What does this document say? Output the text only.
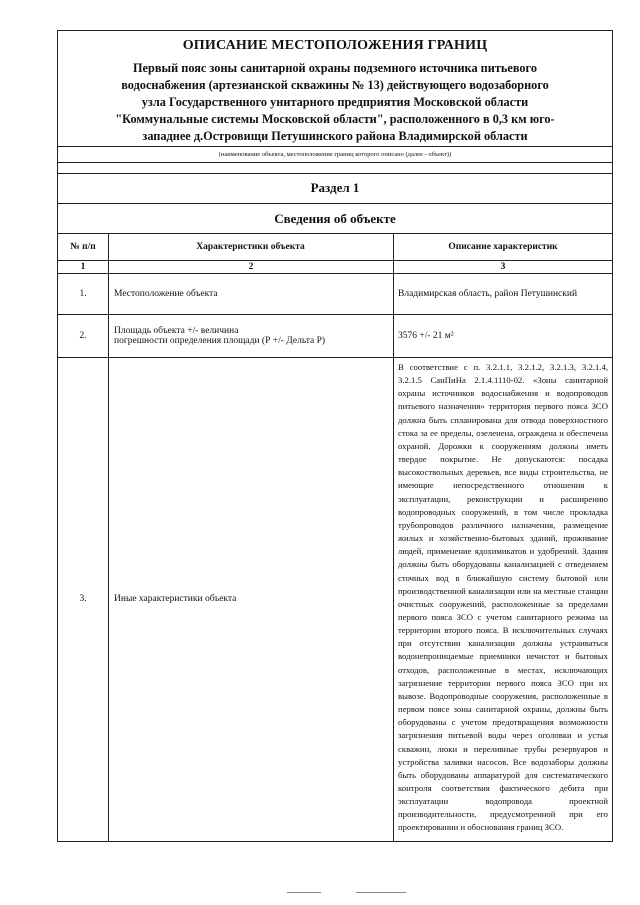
ОПИСАНИЕ МЕСТОПОЛОЖЕНИЯ ГРАНИЦ
Первый пояс зоны санитарной охраны подземного источника питьевого
водоснабжения (артезианской скважины № 13) действующего водозаборного
узла Государственного унитарного предприятия Московской области
"Коммунальные системы Московской области", расположенного в 0,3 км юго-
западнее д.Островищи Петушинского района Владимирской области
(наименование объекта, местоположение границ которого описано (далее - объект))
Раздел 1
Сведения об объекте
№ п/п	Характеристики объекта	Описание характеристик
1	2	3
1.	Местоположение объекта	Владимирская область, район Петушинский
2.	Площадь объекта +/- величина
погрешности определения площади (Р +/- Дельта Р)	3576 +/- 21 м²
3.	Иные характеристики объекта	В соответствие с п. 3.2.1.1, 3.2.1.2, 3.2.1.3, 3.2.1.4, 3.2.1.5 СанПиНа 2.1.4.1110-02. «Зоны санитарной охраны источников водоснабжения и водопроводов питьевого назначения» территория первого пояса ЗСО должна быть спланирована для отвода поверхностного стока за ее пределы, озеленена, ограждена и обеспечена охраной. Дорожки к сооружениям должны иметь твердое покрытие. Не допускаются: посадка высокоствольных деревьев, все виды строительства, не имеющие непосредственного отношения к эксплуатации, реконструкции и расширению водопроводных сооружений, в том числе прокладка трубопроводов различного назначения, размещение жилых и хозяйственно-бытовых зданий, проживание людей, применение ядохимикатов и удобрений. Здания должны быть оборудованы канализацией с отведением сточных вод в ближайшую систему бытовой или производственной канализации или на местные станции очистных сооружений, расположенные за пределами первого пояса ЗСО с учетом санитарного режима на территории второго пояса. В исключительных случаях при отсутствии канализации должны устраиваться водонепроницаемые приемники нечистот и бытовых отходов, расположенные в местах, исключающих загрязнение территории первого пояса ЗСО при их вывозе. Водопроводные сооружения, расположенные в первом поясе зоны санитарной охраны, должны быть оборудованы с учетом предотвращения возможности загрязнения питьевой воды через оголовки и устья скважин, люки и переливные трубы резервуаров и устройства заливки насосов. Все водозаборы должны быть оборудованы аппаратурой для систематического контроля соответствия фактического дебита при эксплуатации водопровода проектной производительности, предусмотренной при его проектировании и обоснования границ ЗСО.
